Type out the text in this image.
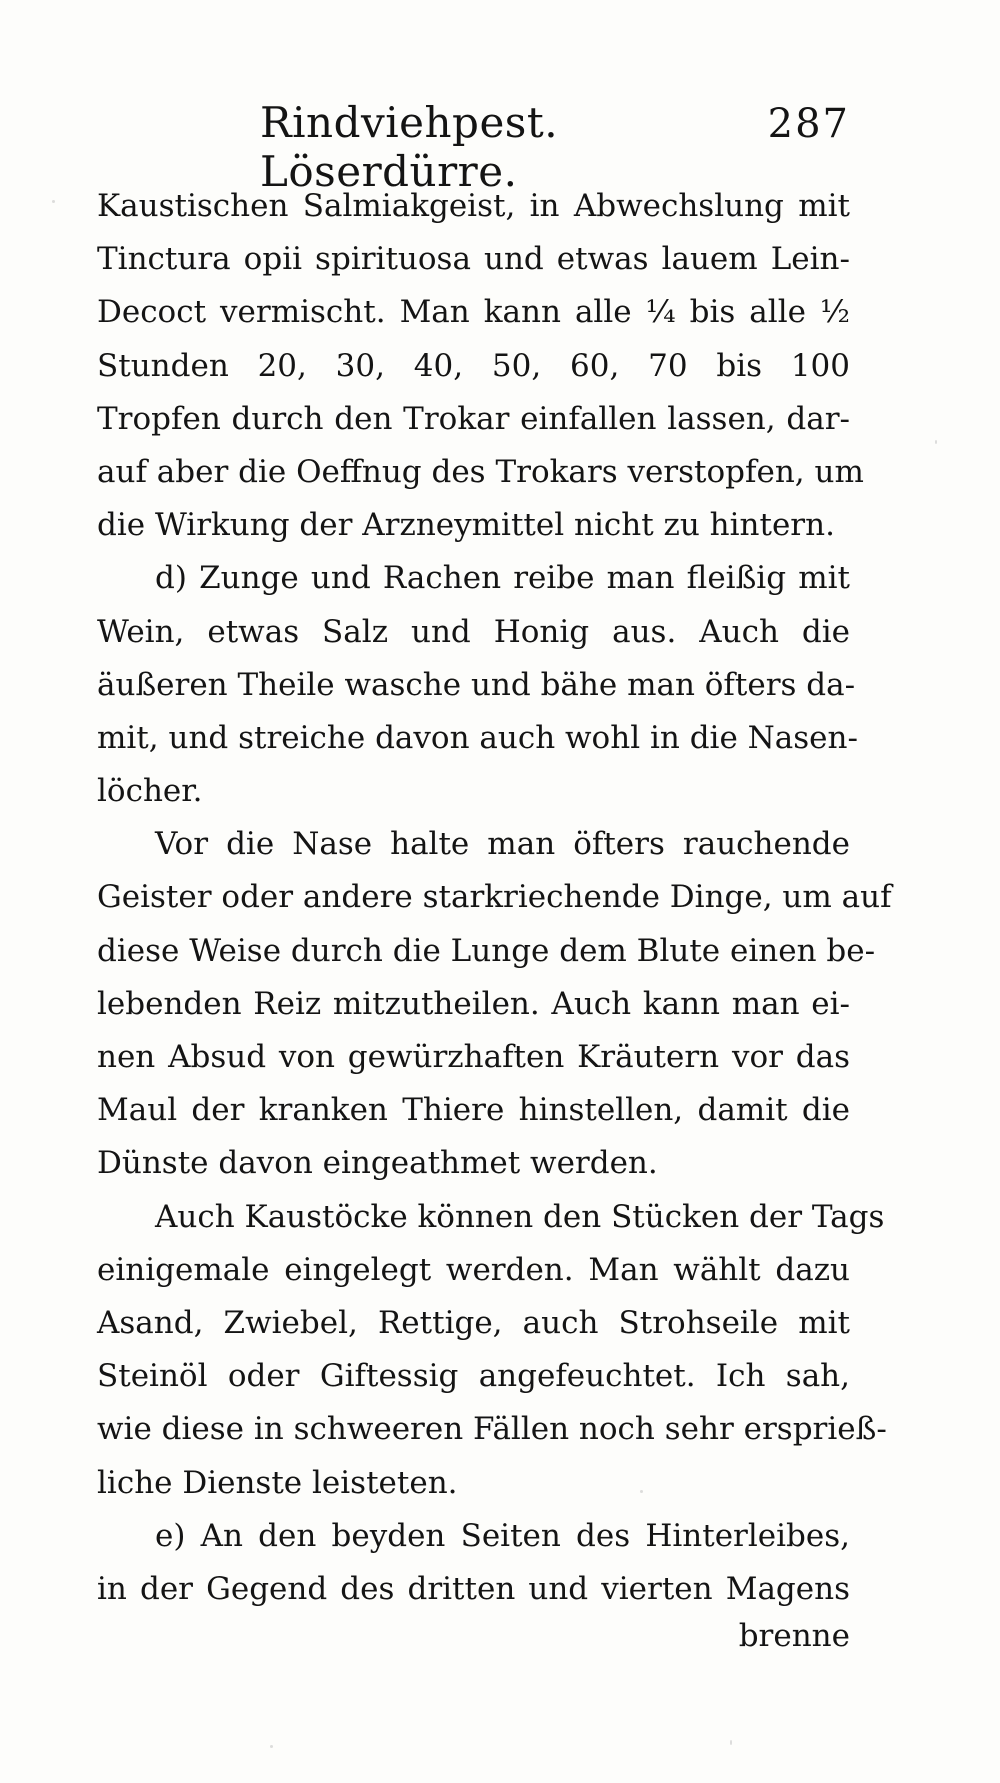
Rindviehpest. Löserdürre.
287

Kaustischen Salmiakgeist, in Abwechslung mit

Tinctura opii spirituosa und etwas lauem Lein-

Decoct vermischt. Man kann alle ¼ bis alle ½

Stunden 20, 30, 40, 50, 60, 70 bis 100

Tropfen durch den Trokar einfallen lassen, dar-

auf aber die Oeffnug des Trokars verstopfen, um

die Wirkung der Arzneymittel nicht zu hintern.

d) Zunge und Rachen reibe man fleißig mit

Wein, etwas Salz und Honig aus. Auch die

äußeren Theile wasche und bähe man öfters da-

mit, und streiche davon auch wohl in die Nasen-

löcher.

Vor die Nase halte man öfters rauchende

Geister oder andere starkriechende Dinge, um auf

diese Weise durch die Lunge dem Blute einen be-

lebenden Reiz mitzutheilen. Auch kann man ei-

nen Absud von gewürzhaften Kräutern vor das

Maul der kranken Thiere hinstellen, damit die

Dünste davon eingeathmet werden.

Auch Kaustöcke können den Stücken der Tags

einigemale eingelegt werden. Man wählt dazu

Asand, Zwiebel, Rettige, auch Strohseile mit

Steinöl oder Giftessig angefeuchtet. Ich sah,

wie diese in schweeren Fällen noch sehr ersprieß-

liche Dienste leisteten.

e) An den beyden Seiten des Hinterleibes,

in der Gegend des dritten und vierten Magens

brenne
